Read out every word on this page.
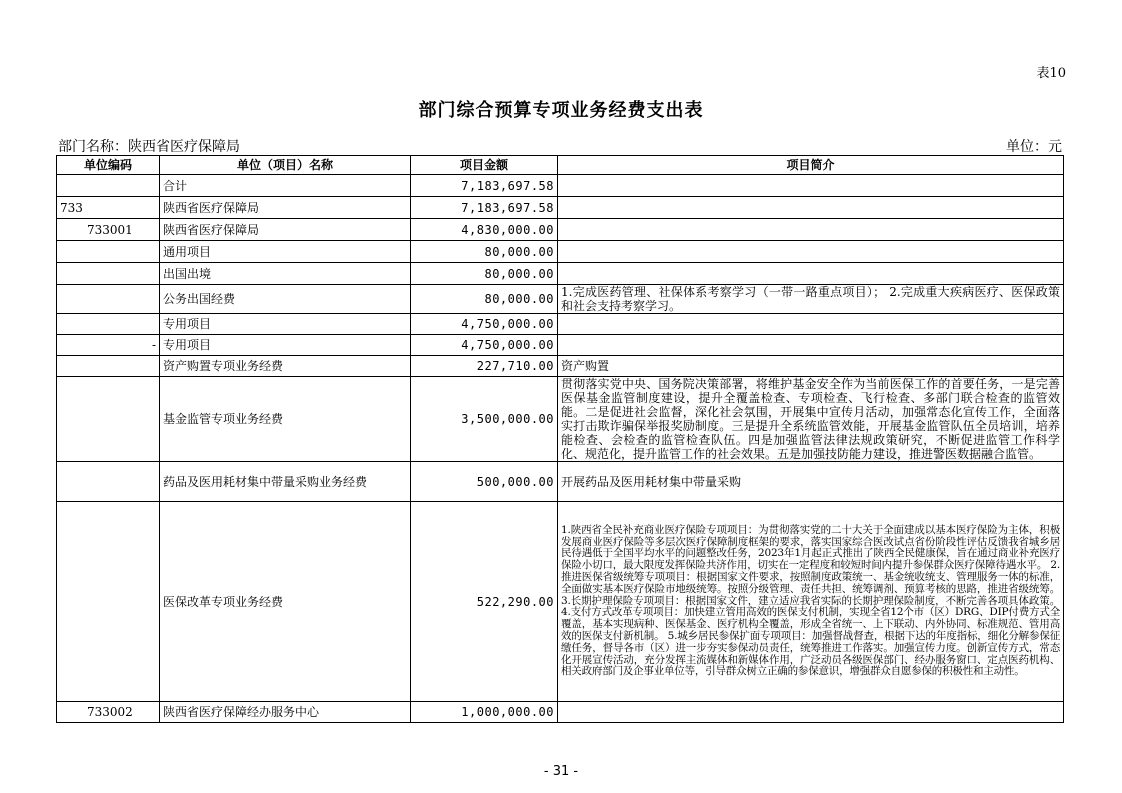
表10
部门综合预算专项业务经费支出表
部门名称：陕西省医疗保障局	单位：元
单位编码	单位（项目）名称	项目金额	项目简介
	合计	7,183,697.58	
733	陕西省医疗保障局	7,183,697.58	
733001	陕西省医疗保障局	4,830,000.00	
	通用项目	80,000.00	
	出国出境	80,000.00	
	公务出国经费	80,000.00	1.完成医药管理、社保体系考察学习（一带一路重点项目）； 2.完成重大疾病医疗、医保政策和社会支持考察学习。
	专用项目	4,750,000.00	
-	专用项目	4,750,000.00	
	资产购置专项业务经费	227,710.00	资产购置
	基金监管专项业务经费	3,500,000.00	贯彻落实党中央、国务院决策部署，将维护基金安全作为当前医保工作的首要任务，一是完善医保基金监管制度建设，提升全覆盖检查、专项检查、飞行检查、多部门联合检查的监管效能。二是促进社会监督，深化社会氛围，开展集中宣传月活动，加强常态化宣传工作，全面落实打击欺诈骗保举报奖励制度。三是提升全系统监管效能，开展基金监管队伍全员培训，培养能检查、会检查的监管检查队伍。四是加强监管法律法规政策研究，不断促进监管工作科学化、规范化，提升监管工作的社会效果。五是加强技防能力建设，推进警医数据融合监管。
	药品及医用耗材集中带量采购业务经费	500,000.00	开展药品及医用耗材集中带量采购
	医保改革专项业务经费	522,290.00	1.陕西省全民补充商业医疗保险专项项目：为贯彻落实党的二十大关于全面建成以基本医疗保险为主体，积极发展商业医疗保险等多层次医疗保障制度框架的要求，落实国家综合医改试点省份阶段性评估反馈我省城乡居民待遇低于全国平均水平的问题整改任务，2023年1月起正式推出了陕西全民健康保，旨在通过商业补充医疗保险小切口，最大限度发挥保险共济作用，切实在一定程度和较短时间内提升参保群众医疗保障待遇水平。 2.推进医保省级统筹专项项目：根据国家文件要求，按照制度政策统一、基金统收统支、管理服务一体的标准，全面做实基本医疗保险市地级统筹。按照分级管理、责任共担、统筹调剂、预算考核的思路，推进省级统筹。 3.长期护理保险专项项目：根据国家文件，建立适应我省实际的长期护理保险制度，不断完善各项具体政策。 4.支付方式改革专项项目：加快建立管用高效的医保支付机制，实现全省12个市（区）DRG、DIP付费方式全覆盖，基本实现病种、医保基金、医疗机构全覆盖，形成全省统一、上下联动、内外协同、标准规范、管用高效的医保支付新机制。 5.城乡居民参保扩面专项项目：加强督战督查，根据下达的年度指标，细化分解参保征缴任务，督导各市（区）进一步夯实参保动员责任，统筹推进工作落实。加强宣传力度。创新宣传方式，常态化开展宣传活动，充分发挥主流媒体和新媒体作用，广泛动员各级医保部门、经办服务窗口、定点医药机构、相关政府部门及企事业单位等，引导群众树立正确的参保意识，增强群众自愿参保的积极性和主动性。
733002	陕西省医疗保障经办服务中心	1,000,000.00	
- 31 -
